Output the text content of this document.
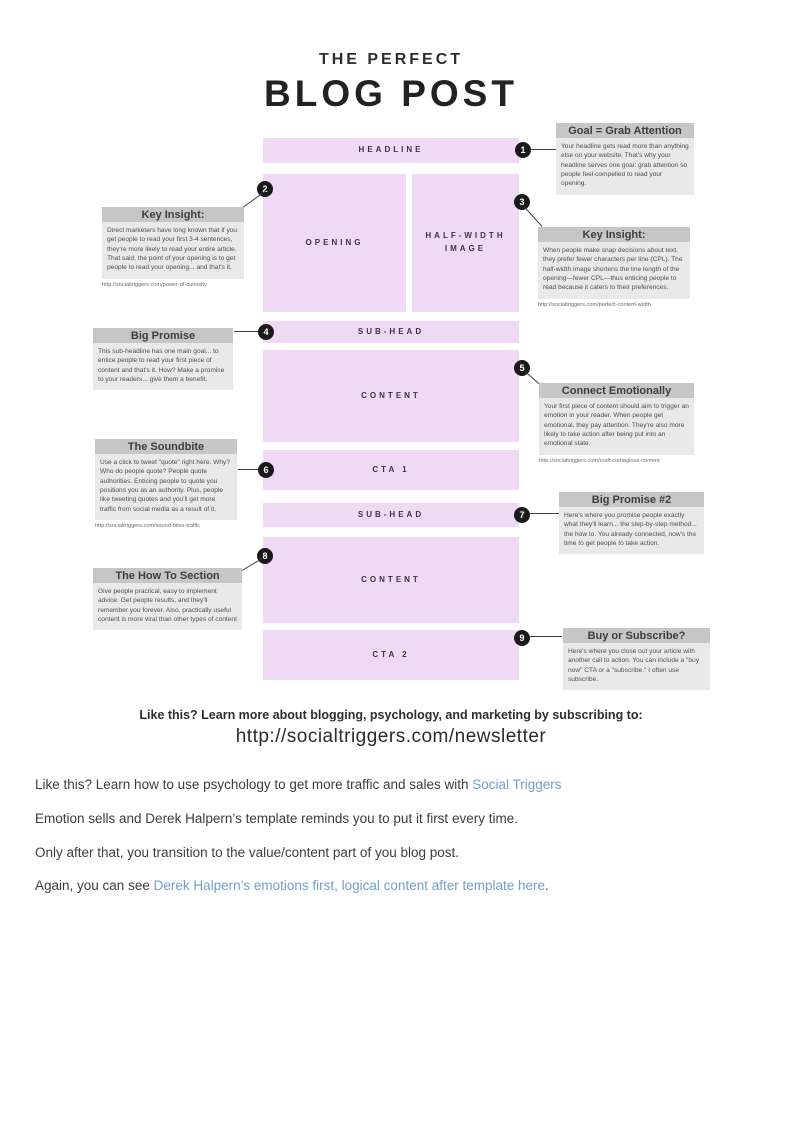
THE PERFECT
BLOG POST
HEADLINE
OPENING
HALF-WIDTH IMAGE
SUB-HEAD
CONTENT
CTA 1
SUB-HEAD
CONTENT
CTA 2
1
2
3
4
5
6
7
8
9
Goal = Grab Attention
Your headline gets read more than anything else on your website. That's why your headline serves one goal: grab attention so people feel compelled to read your opening.
Key Insight:
Direct marketers have long known that if you get people to read your first 3-4 sentences, they're more likely to read your entire article. That said, the point of your opening is to get people to read your opening... and that's it.
http://socialtriggers.com/power-of-curiosity
Key Insight:
When people make snap decisions about text, they prefer fewer characters per line (CPL). The half-width image shortens the line length of the opening—fewer CPL—thus enticing people to read because it caters to their preferences.
http://socialtriggers.com/perfect-content-width
Big Promise
This sub-headline has one main goal... to entice people to read your first piece of content and that's it. How? Make a promise to your readers... give them a benefit.
Connect Emotionally
Your first piece of content should aim to trigger an emotion in your reader. When people get emotional, they pay attention. They're also more likely to take action after being put into an emotional state.
http://socialtriggers.com/craft-contagious-content
The Soundbite
Use a click to tweet "quote" right here. Why? Who do people quote? People quote authorities. Enticing people to quote you positions you as an authority. Plus, people like tweeting quotes and you'll get more traffic from social media as a result of it.
http://socialtriggers.com/sound-bites-traffic
Big Promise #2
Here's where you promise people exactly what they'll learn... the step-by-step method... the how to. You already connected, now's the time to get people to take action.
The How To Section
Give people practical, easy to implement advice. Get people results, and they'll remember you forever. Also, practically useful content is more viral than other types of content
Buy or Subscribe?
Here's where you close out your article with another call to action. You can include a "buy now" CTA or a "subscribe." I often use subscribe.
Like this? Learn more about blogging, psychology, and marketing by subscribing to:
http://socialtriggers.com/newsletter
Like this? Learn how to use psychology to get more traffic and sales with Social Triggers
Emotion sells and Derek Halpern’s template reminds you to put it first every time.
Only after that, you transition to the value/content part of you blog post.
Again, you can see Derek Halpern’s emotions first, logical content after template here.
